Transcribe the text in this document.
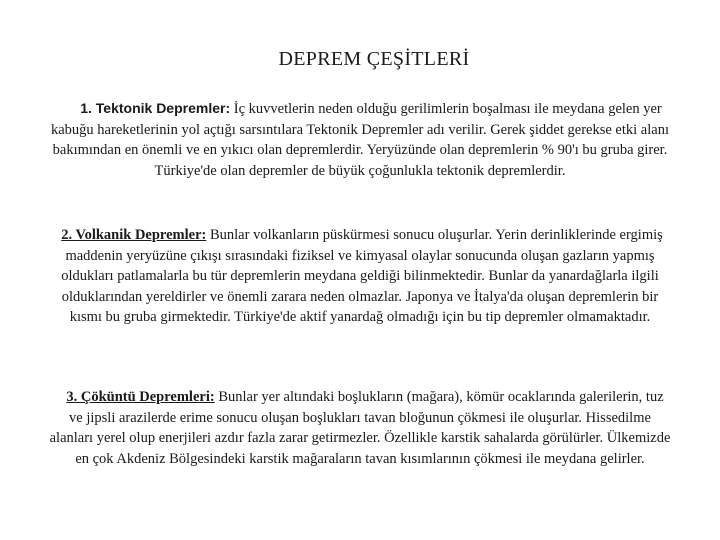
DEPREM ÇEŞİTLERİ
1. Tektonik Depremler: İç kuvvetlerin neden olduğu gerilimlerin boşalması ile meydana gelen yer kabuğu hareketlerinin yol açtığı sarsıntılara Tektonik Depremler adı verilir. Gerek şiddet gerekse etki alanı bakımından en önemli ve en yıkıcı olan depremlerdir. Yeryüzünde olan depremlerin % 90'ı bu gruba girer. Türkiye'de olan depremler de büyük çoğunlukla tektonik depremlerdir.
2. Volkanik Depremler: Bunlar volkanların püskürmesi sonucu oluşurlar. Yerin derinliklerinde ergimiş maddenin yeryüzüne çıkışı sırasındaki fiziksel ve kimyasal olaylar sonucunda oluşan gazların yapmış oldukları patlamalarla bu tür depremlerin meydana geldiği bilinmektedir. Bunlar da yanardağlarla ilgili olduklarından yereldirler ve önemli zarara neden olmazlar. Japonya ve İtalya'da oluşan depremlerin bir kısmı bu gruba girmektedir. Türkiye'de aktif yanardağ olmadığı için bu tip depremler olmamaktadır.
3. Çöküntü Depremleri: Bunlar yer altındaki boşlukların (mağara), kömür ocaklarında galerilerin, tuz ve jipsli arazilerde erime sonucu oluşan boşlukları tavan bloğunun çökmesi ile oluşurlar. Hissedilme alanları yerel olup enerjileri azdır fazla zarar getirmezler. Özellikle karstik sahalarda görülürler. Ülkemizde en çok Akdeniz Bölgesindeki karstik mağaraların tavan kısımlarının çökmesi ile meydana gelirler.
